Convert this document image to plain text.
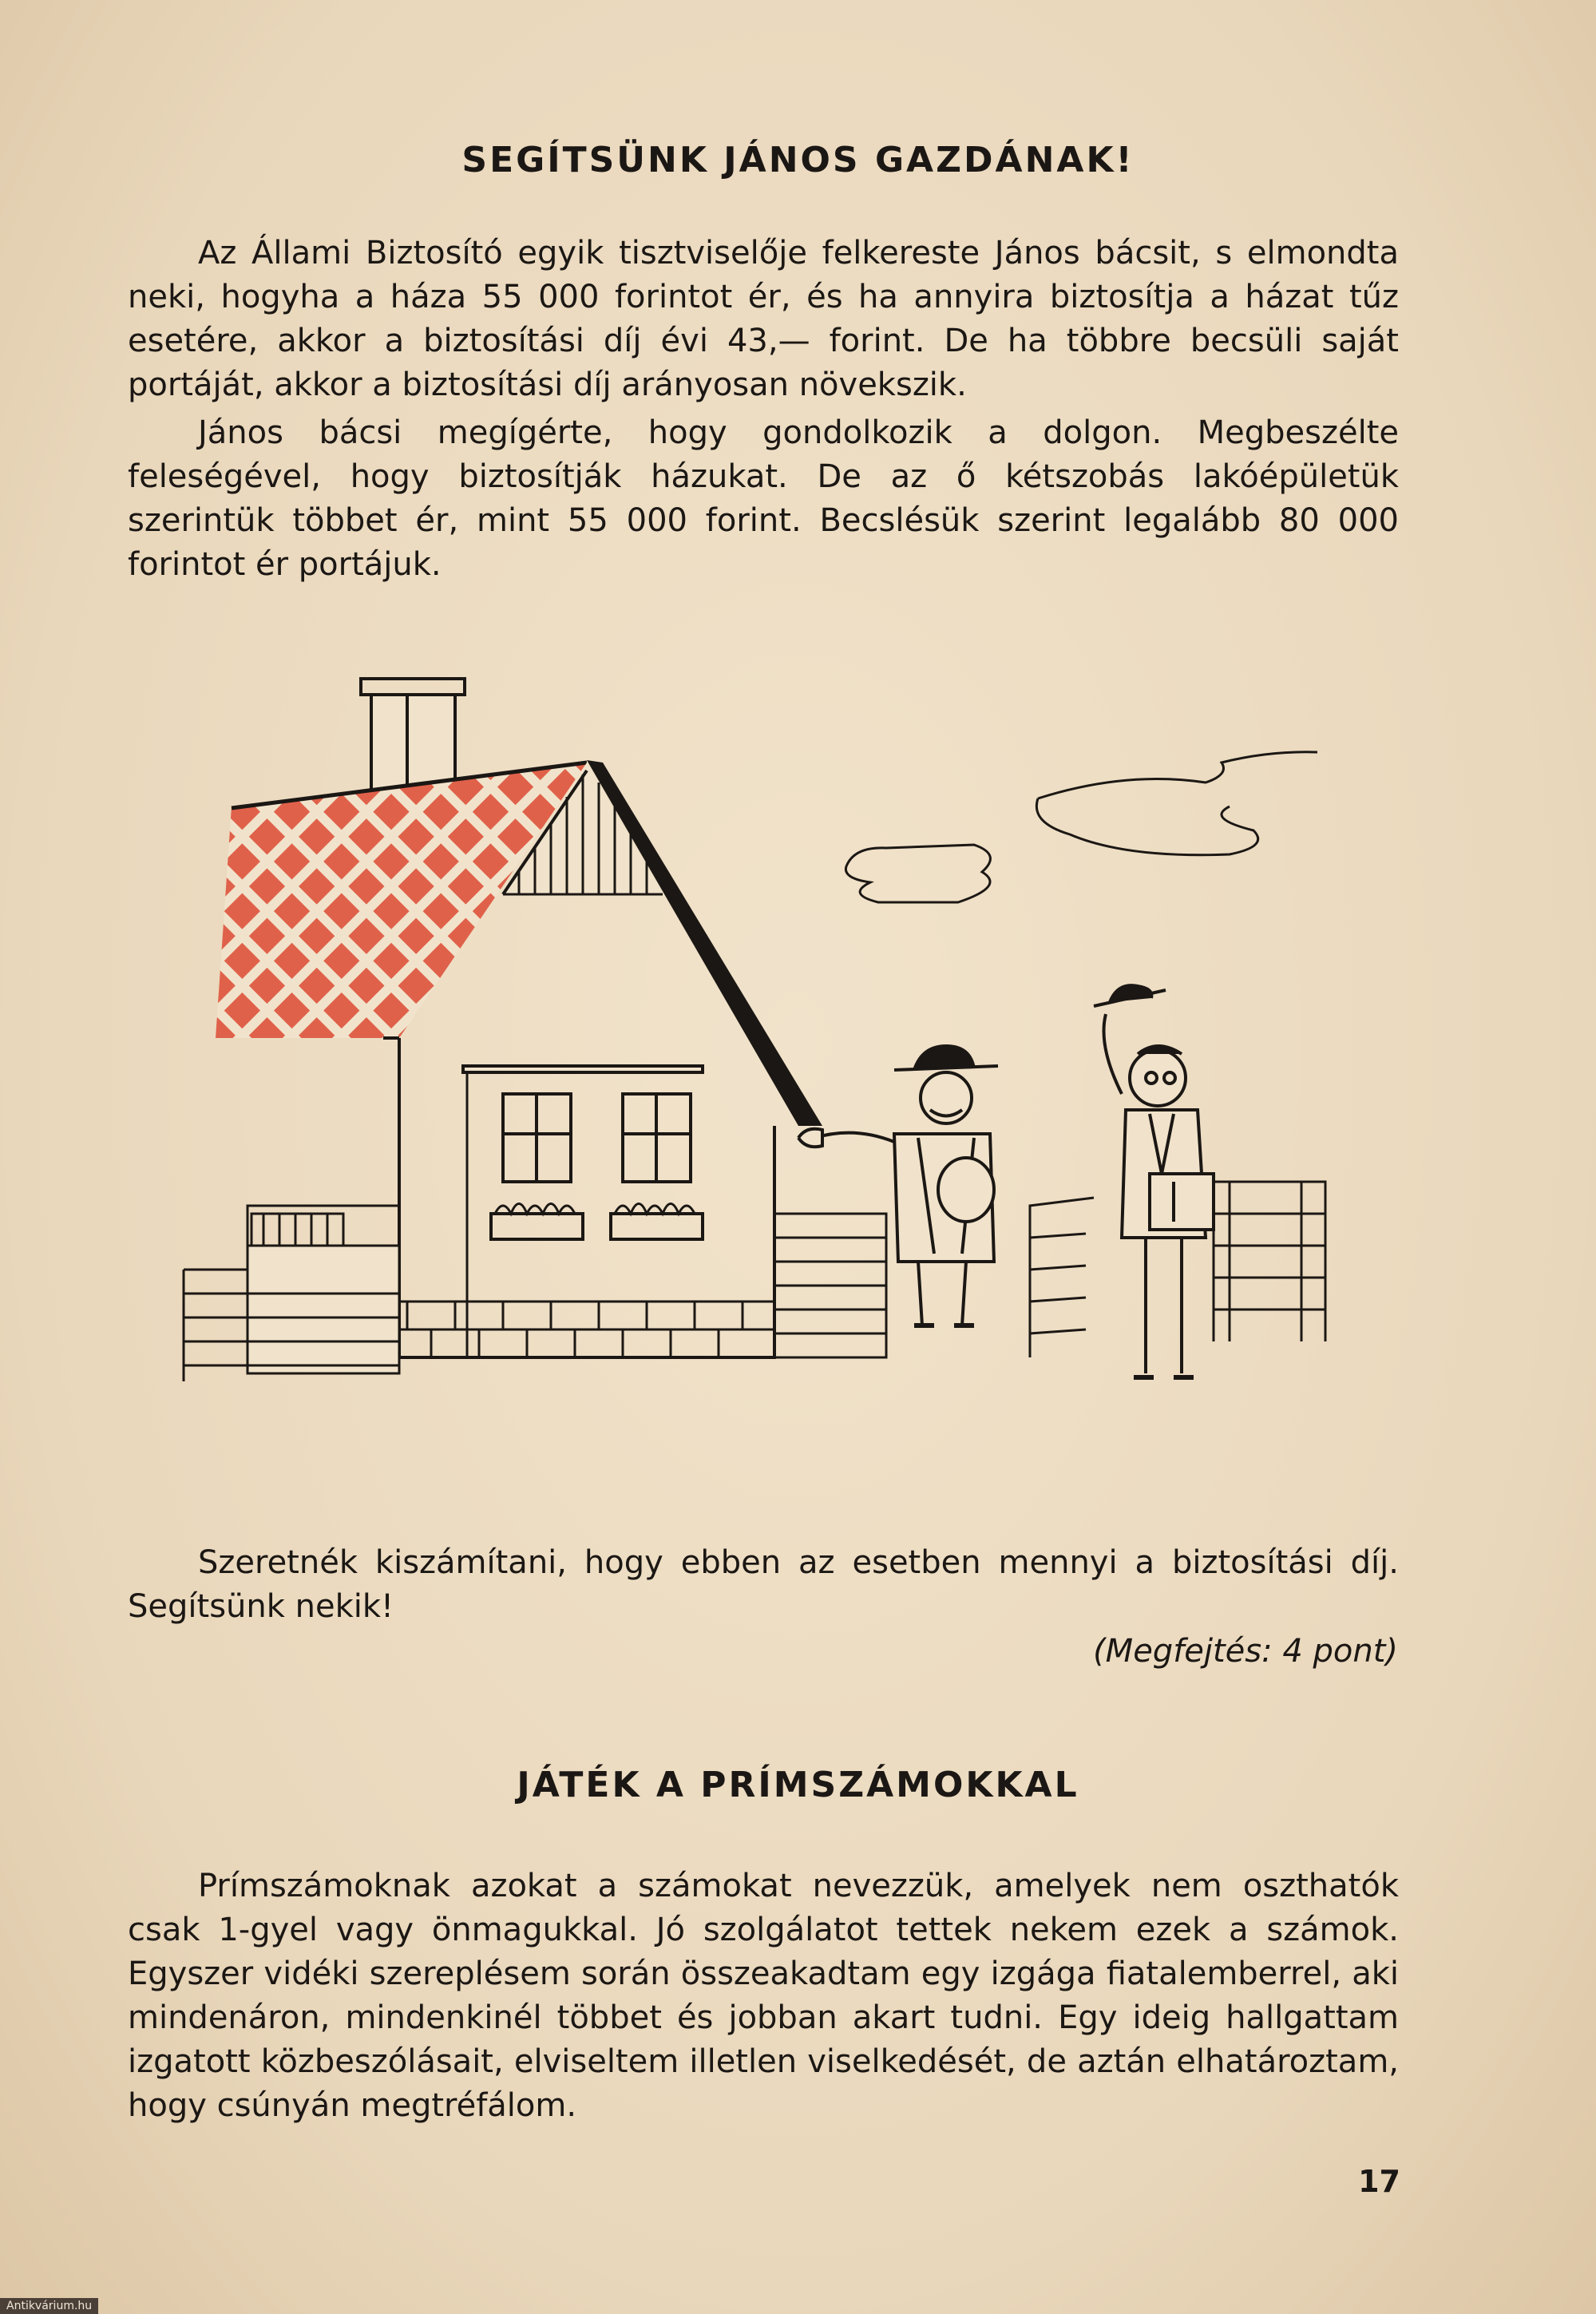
SEGÍTSÜNK JÁNOS GAZDÁNAK!

Az Állami Biztosító egyik tisztviselője felkereste János bácsit, s elmondta neki, hogyha a háza 55 000 forintot ér, és ha annyira biztosítja a házat tűz esetére, akkor a biztosítási díj évi 43,— forint. De ha többre becsüli saját portáját, akkor a biztosítási díj arányosan növekszik.

János bácsi megígérte, hogy gondolkozik a dolgon. Megbeszélte feleségével, hogy biztosítják házukat. De az ő kétszobás lakóépületük szerintük többet ér, mint 55 000 forint. Becslésük szerint legalább 80 000 forintot ér portájuk.

Szeretnék kiszámítani, hogy ebben az esetben mennyi a biztosítási díj. Segítsünk nekik!

(Megfejtés: 4 pont)
JÁTÉK A PRÍMSZÁMOKKAL

Prímszámoknak azokat a számokat nevezzük, amelyek nem oszthatók csak 1-gyel vagy önmagukkal. Jó szolgálatot tettek nekem ezek a számok. Egyszer vidéki szereplésem során összeakadtam egy izgága fiatalemberrel, aki mindenáron, mindenkinél többet és jobban akart tudni. Egy ideig hallgattam izgatott közbeszólásait, elviseltem illetlen viselkedését, de aztán elhatároztam, hogy csúnyán megtréfálom.

17
Antikvárium.hu
